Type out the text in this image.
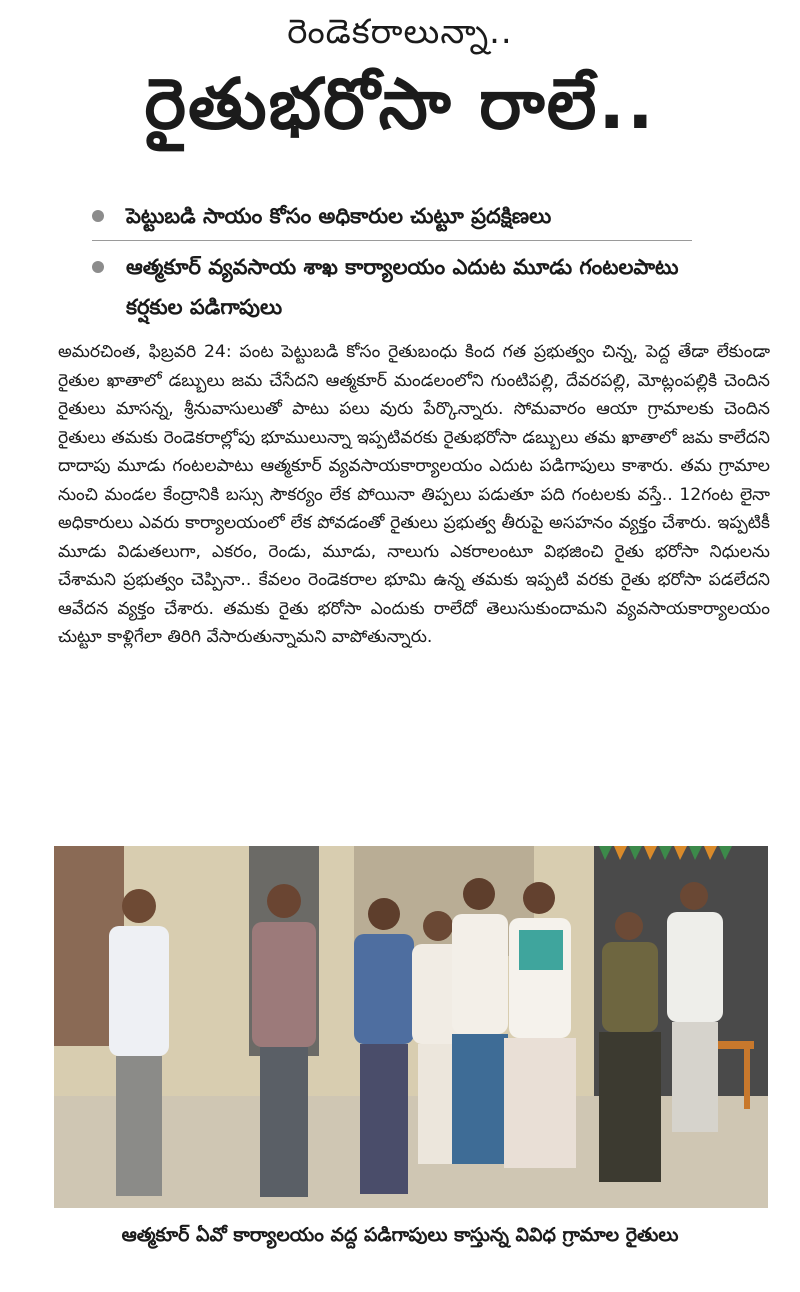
రెండెకరాలున్నా..
రైతుభరోసా రాలే..
పెట్టుబడి సాయం కోసం అధికారుల చుట్టూ ప్రదక్షిణలు
ఆత్మకూర్ వ్యవసాయ శాఖ కార్యాలయం ఎదుట మూడు గంటలపాటు కర్షకుల పడిగాపులు

అమరచింత, ఫిబ్రవరి 24: పంట పెట్టుబడి కోసం రైతుబంధు కింద గత ప్రభుత్వం చిన్న, పెద్ద తేడా లేకుండా రైతుల ఖాతాలో డబ్బులు జమ చేసేదని ఆత్మకూర్ మండలంలోని గుంటిపల్లి, దేవరపల్లి, మోట్లంపల్లికి చెందిన రైతులు మాసన్న, శ్రీనువాసులుతో పాటు పలు వురు పేర్కొన్నారు. సోమవారం ఆయా గ్రామాలకు చెందిన రైతులు తమకు రెండెకరాల్లోపు భూములున్నా ఇప్పటివరకు రైతుభరోసా డబ్బులు తమ ఖాతాలో జమ కాలేదని దాదాపు మూడు గంటలపాటు ఆత్మకూర్ వ్యవసాయకార్యాలయం ఎదుట పడిగాపులు కాశారు. తమ గ్రామాల నుంచి మండల కేంద్రానికి బస్సు సౌకర్యం లేక పోయినా తిప్పలు పడుతూ పది గంటలకు వస్తే.. 12గంట లైనా అధికారులు ఎవరు కార్యాలయంలో లేక పోవడంతో రైతులు ప్రభుత్వ తీరుపై అసహనం వ్యక్తం చేశారు. ఇప్పటికీ మూడు విడుతలుగా, ఎకరం, రెండు, మూడు, నాలుగు ఎకరాలంటూ విభజించి రైతు భరోసా నిధులను చేశామని ప్రభుత్వం చెప్పినా.. కేవలం రెండెకరాల భూమి ఉన్న తమకు ఇప్పటి వరకు రైతు భరోసా పడలేదని ఆవేదన వ్యక్తం చేశారు. తమకు రైతు భరోసా ఎందుకు రాలేదో తెలుసుకుందామని వ్యవసాయకార్యాలయం చుట్టూ కాళ్లిగేలా తిరిగి వేసారుతున్నామని వాపోతున్నారు.

ఆత్మకూర్ ఏవో కార్యాలయం వద్ద పడిగాపులు కాస్తున్న వివిధ గ్రామాల రైతులు
